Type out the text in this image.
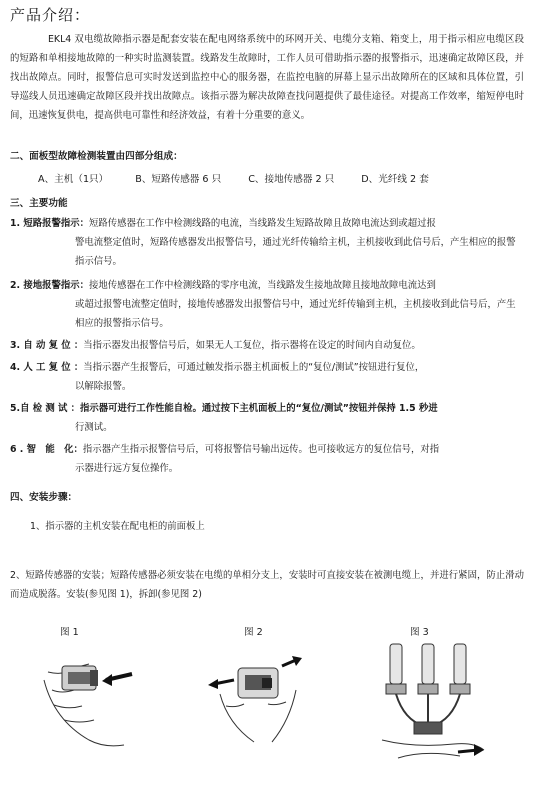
产品介绍：
EKL4 双电缆故障指示器是配套安装在配电网络系统中的环网开关、电缆分支箱、箱变上，用于指示相应电缆区段的短路和单相接地故障的一种实时监测装置。线路发生故障时，工作人员可借助指示器的报警指示，迅速确定故障区段，并找出故障点。同时，报警信息可实时发送到监控中心的服务器，在监控电脑的屏幕上显示出故障所在的区域和具体位置，引导巡线人员迅速确定故障区段并找出故障点。该指示器为解决故障查找问题提供了最佳途径。对提高工作效率，缩短停电时间，迅速恢复供电，提高供电可靠性和经济效益，有着十分重要的意义。
二、面板型故障检测装置由四部分组成：
A、主机（1只）	B、短路传感器 6 只	C、接地传感器 2 只	D、光纤线 2 套
三、主要功能
1. 短路报警指示：短路传感器在工作中检测线路的电流，当线路发生短路故障且故障电流达到或超过报
警电流整定值时，短路传感器发出报警信号，通过光纤传输给主机，主机接收到此信号后，产生相应的报警指示信号。
2. 接地报警指示：接地传感器在工作中检测线路的零序电流，当线路发生接地故障且接地故障电流达到
或超过报警电流整定值时，接地传感器发出报警信号中，通过光纤传输到主机，主机接收到此信号后，产生相应的报警指示信号。
3. 自 动 复 位 ：当指示器发出报警信号后，如果无人工复位，指示器将在设定的时间内自动复位。
4. 人 工 复 位 ：当指示器产生报警后，可通过触发指示器主机面板上的“复位/测试”按钮进行复位，
以解除报警。
5.自 检 测 试 ：指示器可进行工作性能自检。通过按下主机面板上的“复位/测试”按钮并保持 1.5 秒进
行测试。
6 . 智　能　化：指示器产生指示报警信号后，可将报警信号输出远传。也可接收远方的复位信号，对指
示器进行远方复位操作。
四、安装步骤：
1、指示器的主机安装在配电柜的前面板上
2、短路传感器的安装；短路传感器必须安装在电缆的单相分支上，安装时可直接安装在被测电缆上，并进行紧固，防止滑动而造成脱落。安装(参见图 1)，拆卸(参见图 2)
图 1	图 2	图 3
